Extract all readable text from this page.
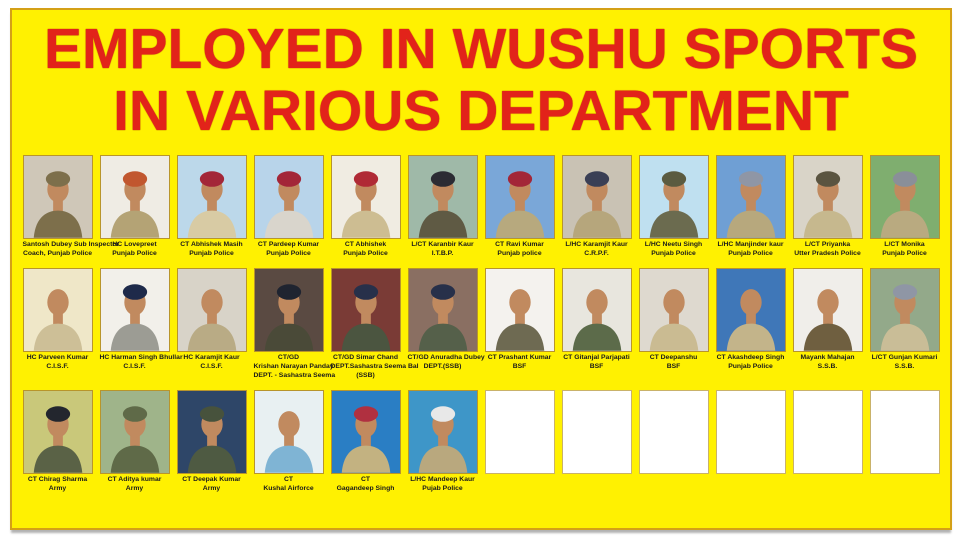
EMPLOYED IN WUSHU SPORTS
IN VARIOUS DEPARTMENT
Santosh Dubey Sub Inspector
Coach, Punjab Police
HC Lovepreet
Punjab Police
CT Abhishek Masih
Punjab Police
CT Pardeep Kumar
Punjab Police
CT Abhishek
Punjab Police
L/CT Karanbir Kaur
I.T.B.P.
CT Ravi Kumar
Punjab police
L/HC Karamjit Kaur
C.R.P.F.
L/HC Neetu Singh
Punjab Police
L/HC Manjinder kaur
Punjab Police
L/CT Priyanka
Utter Pradesh Police
L/CT Monika
Punjab Police
HC Parveen Kumar
C.I.S.F.
HC Harman Singh Bhullar
C.I.S.F.
HC Karamjit Kaur
C.I.S.F.
CT/GD
Krishan Narayan Panday
DEPT. - Sashastra Seema
CT/GD Simar Chand
DEPT.Sashastra Seema Bal
(SSB)
CT/GD Anuradha Dubey
DEPT.(SSB)
CT Prashant Kumar
BSF
CT Gitanjal Parjapati
BSF
CT Deepanshu
BSF
CT Akashdeep Singh
Punjab Police
Mayank Mahajan
S.S.B.
L/CT Gunjan Kumari
S.S.B.
CT Chirag Sharma
Army
CT Aditya kumar
Army
CT Deepak Kumar
Army
CT
Kushal Airforce
CT
Gagandeep Singh
L/HC Mandeep Kaur
Pujab Police
